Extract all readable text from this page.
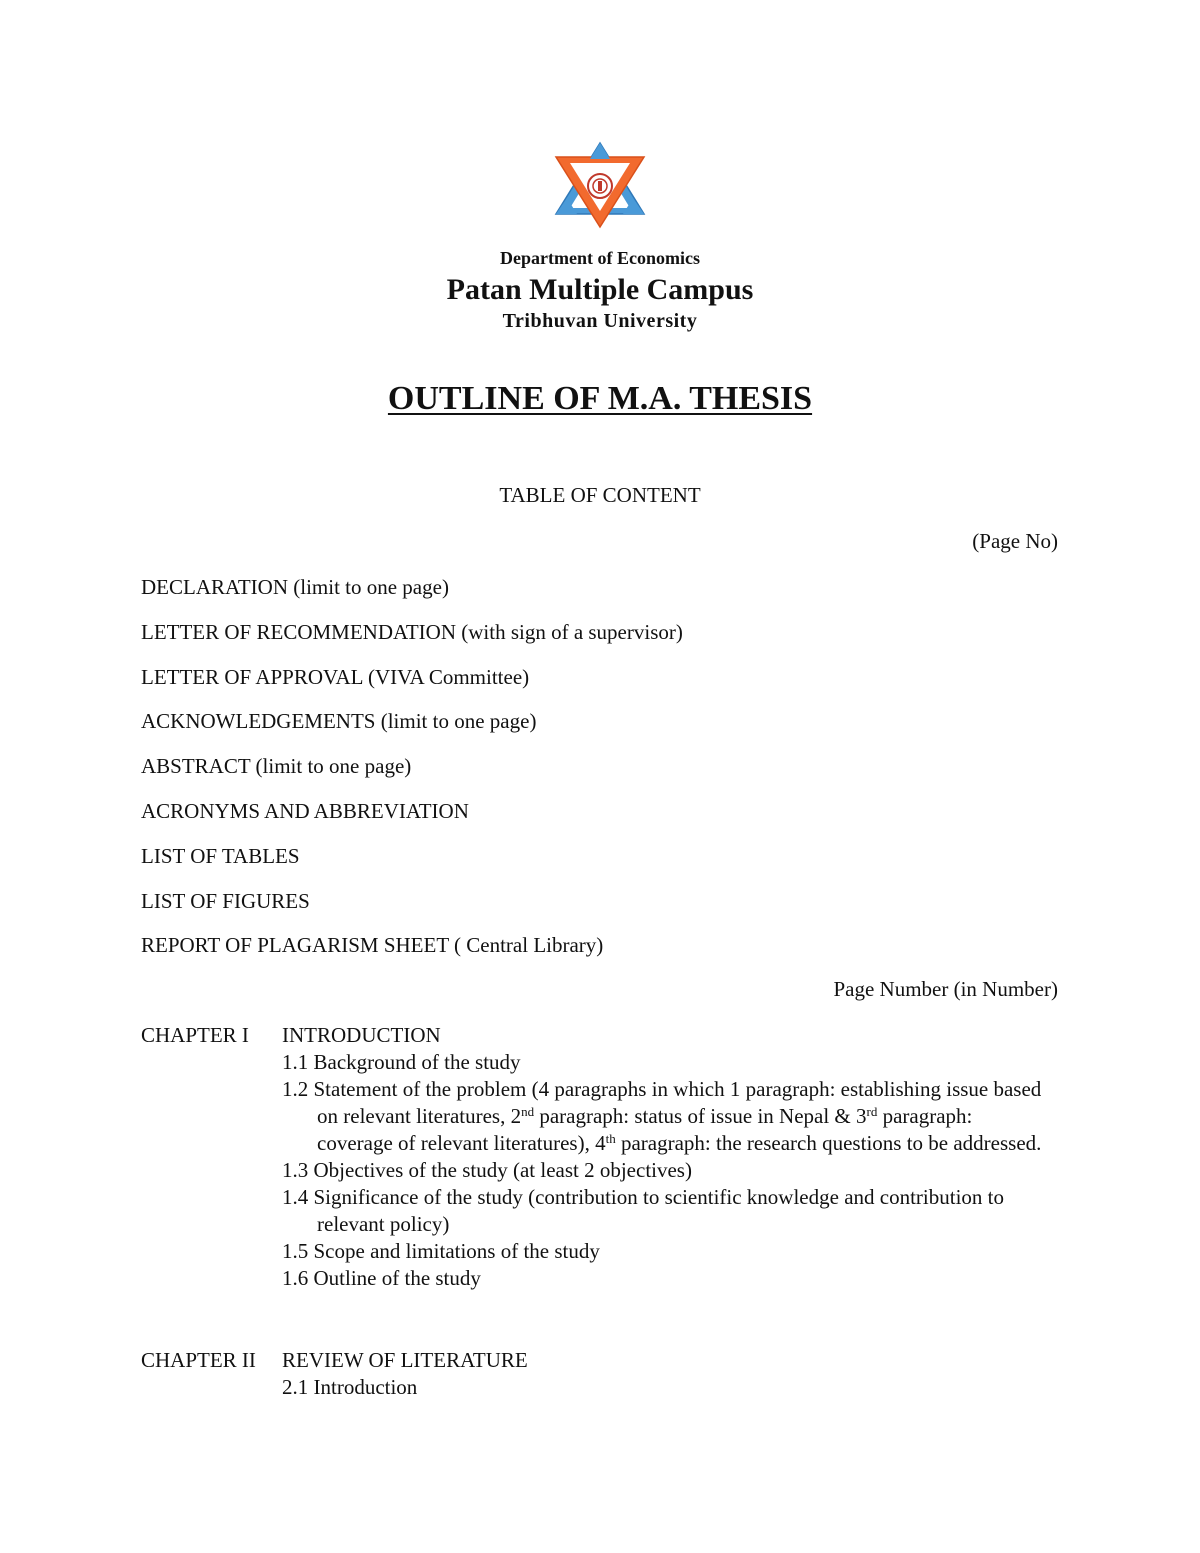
Department of Economics
Patan Multiple Campus
Tribhuvan University
OUTLINE OF M.A. THESIS
TABLE OF CONTENT
(Page No)
DECLARATION (limit to one page)
LETTER OF RECOMMENDATION (with sign of a supervisor)
LETTER OF APPROVAL (VIVA Committee)
ACKNOWLEDGEMENTS (limit to one page)
ABSTRACT (limit to one page)
ACRONYMS AND ABBREVIATION
LIST OF TABLES
LIST OF FIGURES
REPORT OF PLAGARISM SHEET ( Central Library)
Page Number (in Number)
CHAPTER I INTRODUCTION
1.1 Background of the study
1.2 Statement of the problem (4 paragraphs in which 1 paragraph: establishing issue based on relevant literatures, 2nd paragraph: status of issue in Nepal & 3rd paragraph: coverage of relevant literatures), 4th paragraph: the research questions to be addressed.
1.3 Objectives of the study (at least 2 objectives)
1.4 Significance of the study (contribution to scientific knowledge and contribution to relevant policy)
1.5 Scope and limitations of the study
1.6 Outline of the study
CHAPTER II REVIEW OF LITERATURE
2.1 Introduction
